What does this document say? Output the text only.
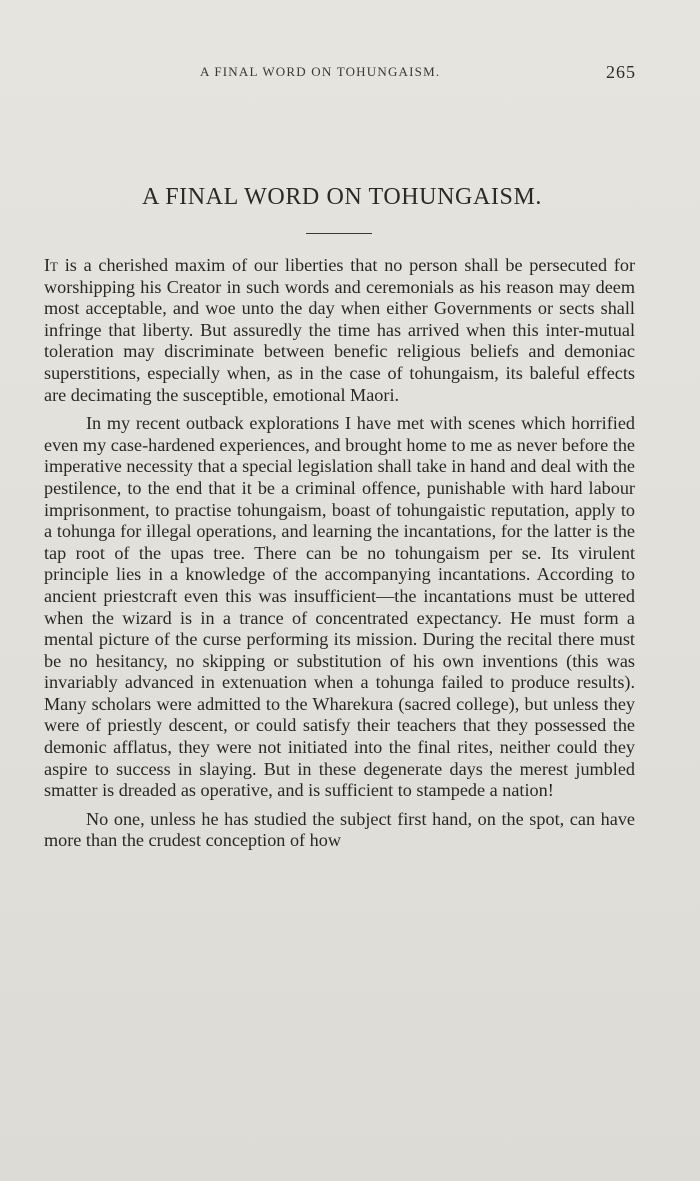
A FINAL WORD ON TOHUNGAISM.	265
A FINAL WORD ON TOHUNGAISM.

It is a cherished maxim of our liberties that no person shall be persecuted for worshipping his Creator in such words and ceremonials as his reason may deem most acceptable, and woe unto the day when either Governments or sects shall infringe that liberty. But assuredly the time has arrived when this inter-mutual toleration may discriminate between benefic religious beliefs and demoniac superstitions, especially when, as in the case of tohungaism, its baleful effects are decimating the susceptible, emotional Maori.

In my recent outback explorations I have met with scenes which horrified even my case-hardened experiences, and brought home to me as never before the imperative necessity that a special legislation shall take in hand and deal with the pestilence, to the end that it be a criminal offence, punishable with hard labour imprisonment, to practise tohungaism, boast of tohungaistic reputation, apply to a tohunga for illegal operations, and learning the incantations, for the latter is the tap root of the upas tree. There can be no tohungaism per se. Its virulent principle lies in a knowledge of the accompanying incantations. According to ancient priestcraft even this was insufficient—the incantations must be uttered when the wizard is in a trance of concentrated expectancy. He must form a mental picture of the curse performing its mission. During the recital there must be no hesitancy, no skipping or substitution of his own inventions (this was invariably advanced in extenuation when a tohunga failed to produce results). Many scholars were admitted to the Wharekura (sacred college), but unless they were of priestly descent, or could satisfy their teachers that they possessed the demonic afflatus, they were not initiated into the final rites, neither could they aspire to success in slaying. But in these degenerate days the merest jumbled smatter is dreaded as operative, and is sufficient to stampede a nation!

No one, unless he has studied the subject first hand, on the spot, can have more than the crudest conception of how
